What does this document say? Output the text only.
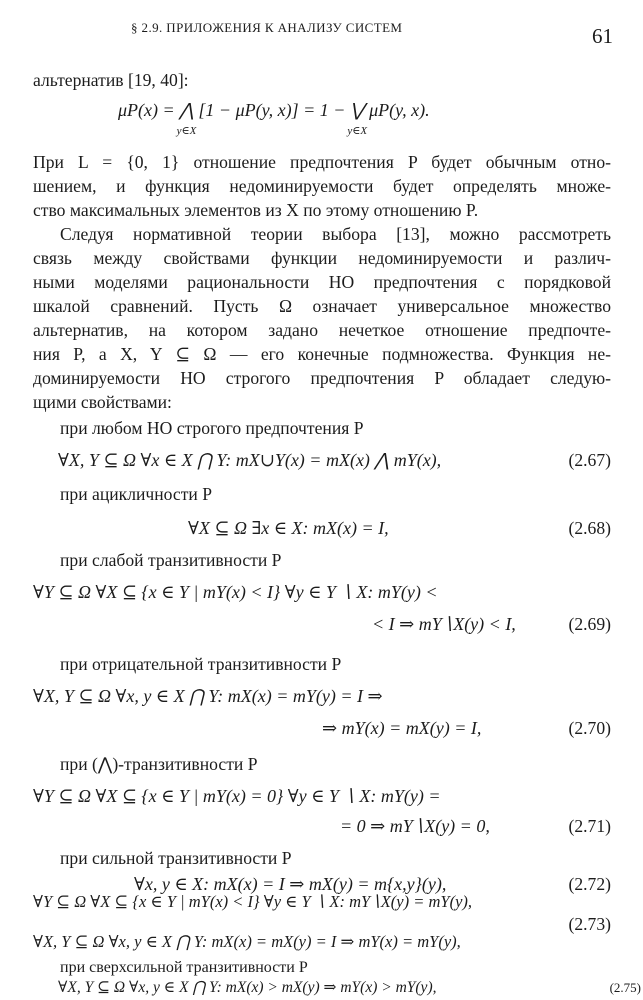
§ 2.9. ПРИЛОЖЕНИЯ К АНАЛИЗУ СИСТЕМ	61
альтернатив [19, 40]:
μP(x) = ⋀
y∈X
[1 − μP(y, x)] = 1 − ⋁
y∈X
μP(y, x).
При L = {0, 1} отношение предпочтения P будет обычным отно-
шением, и функция недоминируемости будет определять множе-
ство максимальных элементов из X по этому отношению P.
Следуя нормативной теории выбора [13], можно рассмотреть
связь между свойствами функции недоминируемости и различ-
ными моделями рациональности НО предпочтения с порядковой
шкалой сравнений. Пусть Ω означает универсальное множество
альтернатив, на котором задано нечеткое отношение предпочте-
ния P, а X, Y ⊆ Ω — его конечные подмножества. Функция не-
доминируемости НО строгого предпочтения P обладает следую-
щими свойствами:
при любом НО строгого предпочтения P
∀X, Y ⊆ Ω ∀x ∈ X ⋂ Y: mX∪Y(x) = mX(x) ⋀ mY(x),	(2.67)
при ацикличности P
∀X ⊆ Ω ∃x ∈ X: mX(x) = I,	(2.68)
при слабой транзитивности P
∀Y ⊆ Ω ∀X ⊆ {x ∈ Y | mY(x) < I} ∀y ∈ Y ∖ X: mY(y) <
< I ⇒ mY∖X(y) < I,	(2.69)
при отрицательной транзитивности P
∀X, Y ⊆ Ω ∀x, y ∈ X ⋂ Y: mX(x) = mY(y) = I ⇒
⇒ mY(x) = mX(y) = I,	(2.70)
при (⋀)-транзитивности P
∀Y ⊆ Ω ∀X ⊆ {x ∈ Y | mY(x) = 0} ∀y ∈ Y ∖ X: mY(y) =
= 0 ⇒ mY∖X(y) = 0,	(2.71)
при сильной транзитивности P
∀x, y ∈ X: mX(x) = I ⇒ mX(y) = m{x,y}(y),	(2.72)
∀Y ⊆ Ω ∀X ⊆ {x ∈ Y | mY(x) < I} ∀y ∈ Y ∖ X: mY∖X(y) = mY(y),
(2.73)
∀X, Y ⊆ Ω ∀x, y ∈ X ⋂ Y: mX(x) = mX(y) = I ⇒ mY(x) = mY(y),
при сверхсильной транзитивности P
∀X, Y ⊆ Ω ∀x, y ∈ X ⋂ Y: mX(x) > mX(y) ⇒ mY(x) > mY(y),	(2.75)
